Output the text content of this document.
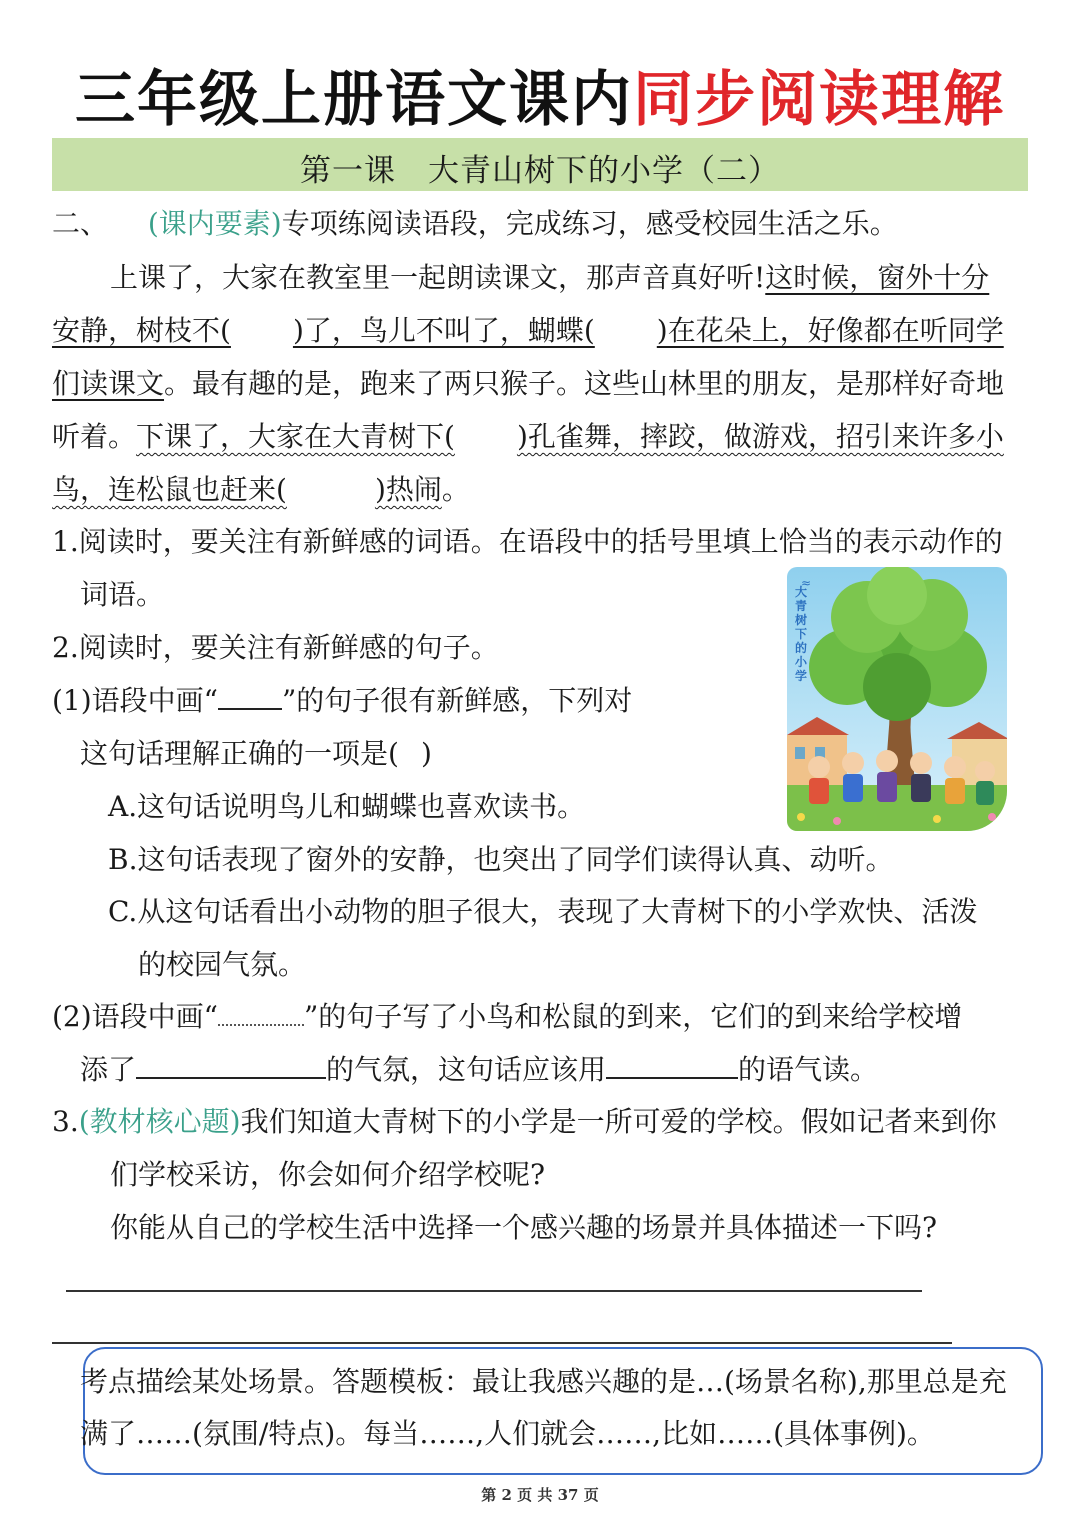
三年级上册语文课内同步阅读理解
第一课　大青山树下的小学（二）
二、 (课内要素)专项练阅读语段，完成练习，感受校园生活之乐。
上课了，大家在教室里一起朗读课文，那声音真好听!这时候，窗外十分
安静，树枝不( )了，鸟儿不叫了，蝴蝶( )在花朵上，好像都在听同学
们读课文。最有趣的是，跑来了两只猴子。这些山林里的朋友，是那样好奇地
听着。下课了，大家在大青树下( )孔雀舞，摔跤，做游戏，招引来许多小
鸟，连松鼠也赶来(	)热闹。
1.阅读时，要关注有新鲜感的词语。在语段中的括号里填上恰当的表示动作的
词语。
2.阅读时，要关注有新鲜感的句子。
(1)语段中画“ ”的句子很有新鲜感，下列对
这句话理解正确的一项是( )
A.这句话说明鸟儿和蝴蝶也喜欢读书。
B.这句话表现了窗外的安静，也突出了同学们读得认真、动听。
C.从这句话看出小动物的胆子很大，表现了大青树下的小学欢快、活泼
的校园气氛。
(2)语段中画“	”的句子写了小鸟和松鼠的到来，它们的到来给学校增
添了	的气氛，这句话应该用	的语气读。
3.(教材核心题)我们知道大青树下的小学是一所可爱的学校。假如记者来到你
们学校采访，你会如何介绍学校呢?
你能从自己的学校生活中选择一个感兴趣的场景并具体描述一下吗?
考点描绘某处场景。答题模板：最让我感兴趣的是…(场景名称),那里总是充
满了……(氛围/特点)。每当……,人们就会……,比如……(具体事例)。
第 2 页 共 37 页
≈
大青树下的小学
